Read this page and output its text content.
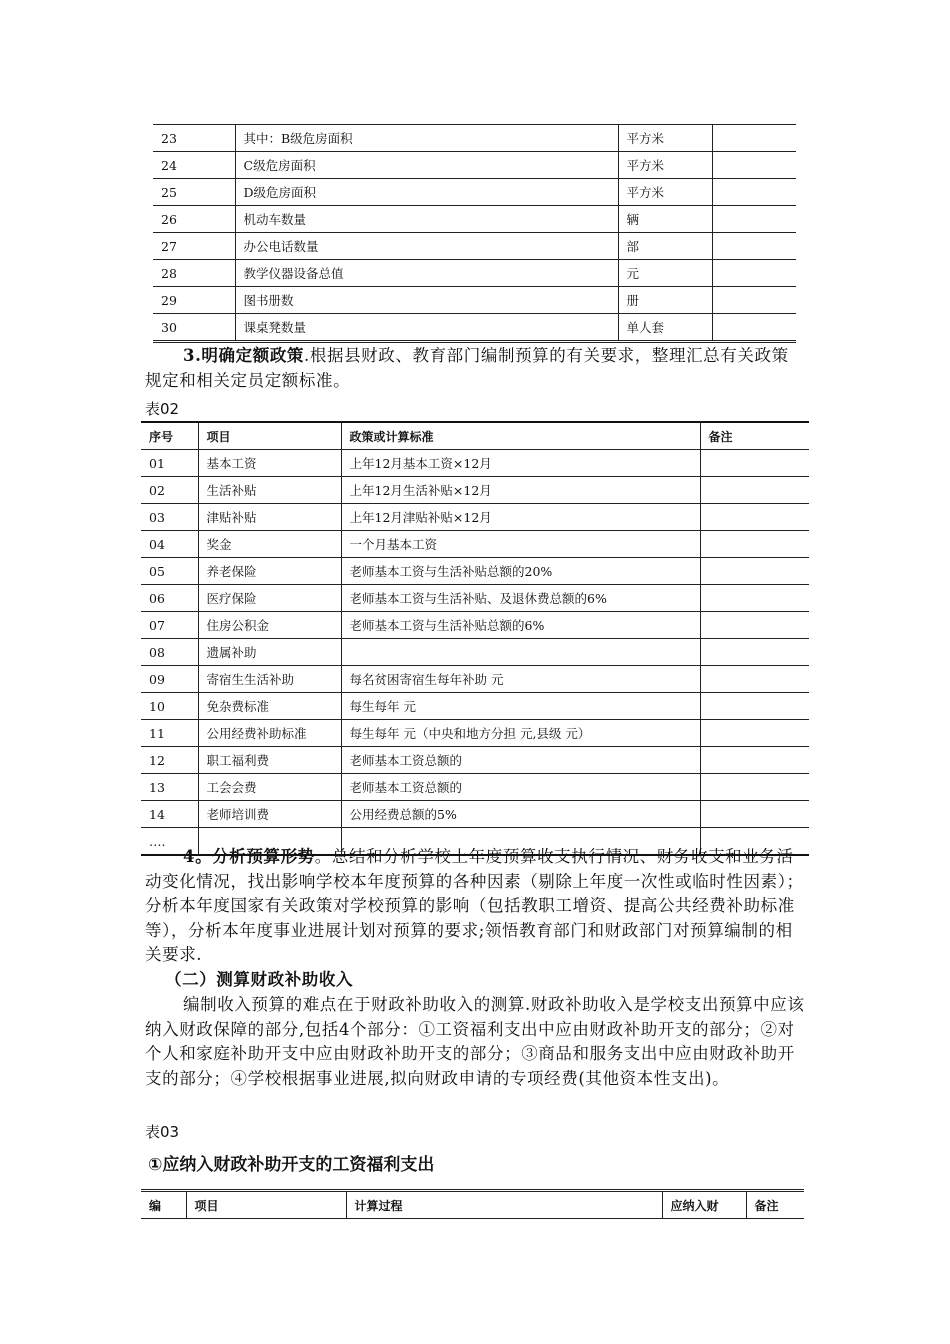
23	其中：B级危房面积	平方米	
24	C级危房面积	平方米	
25	D级危房面积	平方米	
26	机动车数量	辆	
27	办公电话数量	部	
28	教学仪器设备总值	元	
29	图书册数	册	
30	课桌凳数量	单人套	
3.明确定额政策.根据县财政、教育部门编制预算的有关要求，整理汇总有关政策规定和相关定员定额标准。
表02
序号	项目	政策或计算标准	备注
01	基本工资	上年12月基本工资×12月	
02	生活补贴	上年12月生活补贴×12月	
03	津贴补贴	上年12月津贴补贴×12月	
04	奖金	一个月基本工资	
05	养老保险	老师基本工资与生活补贴总额的20%	
06	医疗保险	老师基本工资与生活补贴、及退休费总额的6%	
07	住房公积金	老师基本工资与生活补贴总额的6%	
08	遗属补助		
09	寄宿生生活补助	每名贫困寄宿生每年补助 元	
10	免杂费标准	每生每年 元	
11	公用经费补助标准	每生每年 元（中央和地方分担 元,县级 元）	
12	职工福利费	老师基本工资总额的	
13	工会会费	老师基本工资总额的	
14	老师培训费	公用经费总额的5%	
….			
4。分析预算形势。总结和分析学校上年度预算收支执行情况、财务收支和业务活动变化情况，找出影响学校本年度预算的各种因素（剔除上年度一次性或临时性因素）；分析本年度国家有关政策对学校预算的影响（包括教职工增资、提高公共经费补助标准等），分析本年度事业进展计划对预算的要求;领悟教育部门和财政部门对预算编制的相关要求.
（二）测算财政补助收入
编制收入预算的难点在于财政补助收入的测算.财政补助收入是学校支出预算中应该纳入财政保障的部分,包括4个部分：①工资福利支出中应由财政补助开支的部分；②对个人和家庭补助开支中应由财政补助开支的部分；③商品和服务支出中应由财政补助开支的部分；④学校根据事业进展,拟向财政申请的专项经费(其他资本性支出)。
表03
①应纳入财政补助开支的工资福利支出
编	项目	计算过程	应纳入财	备注
